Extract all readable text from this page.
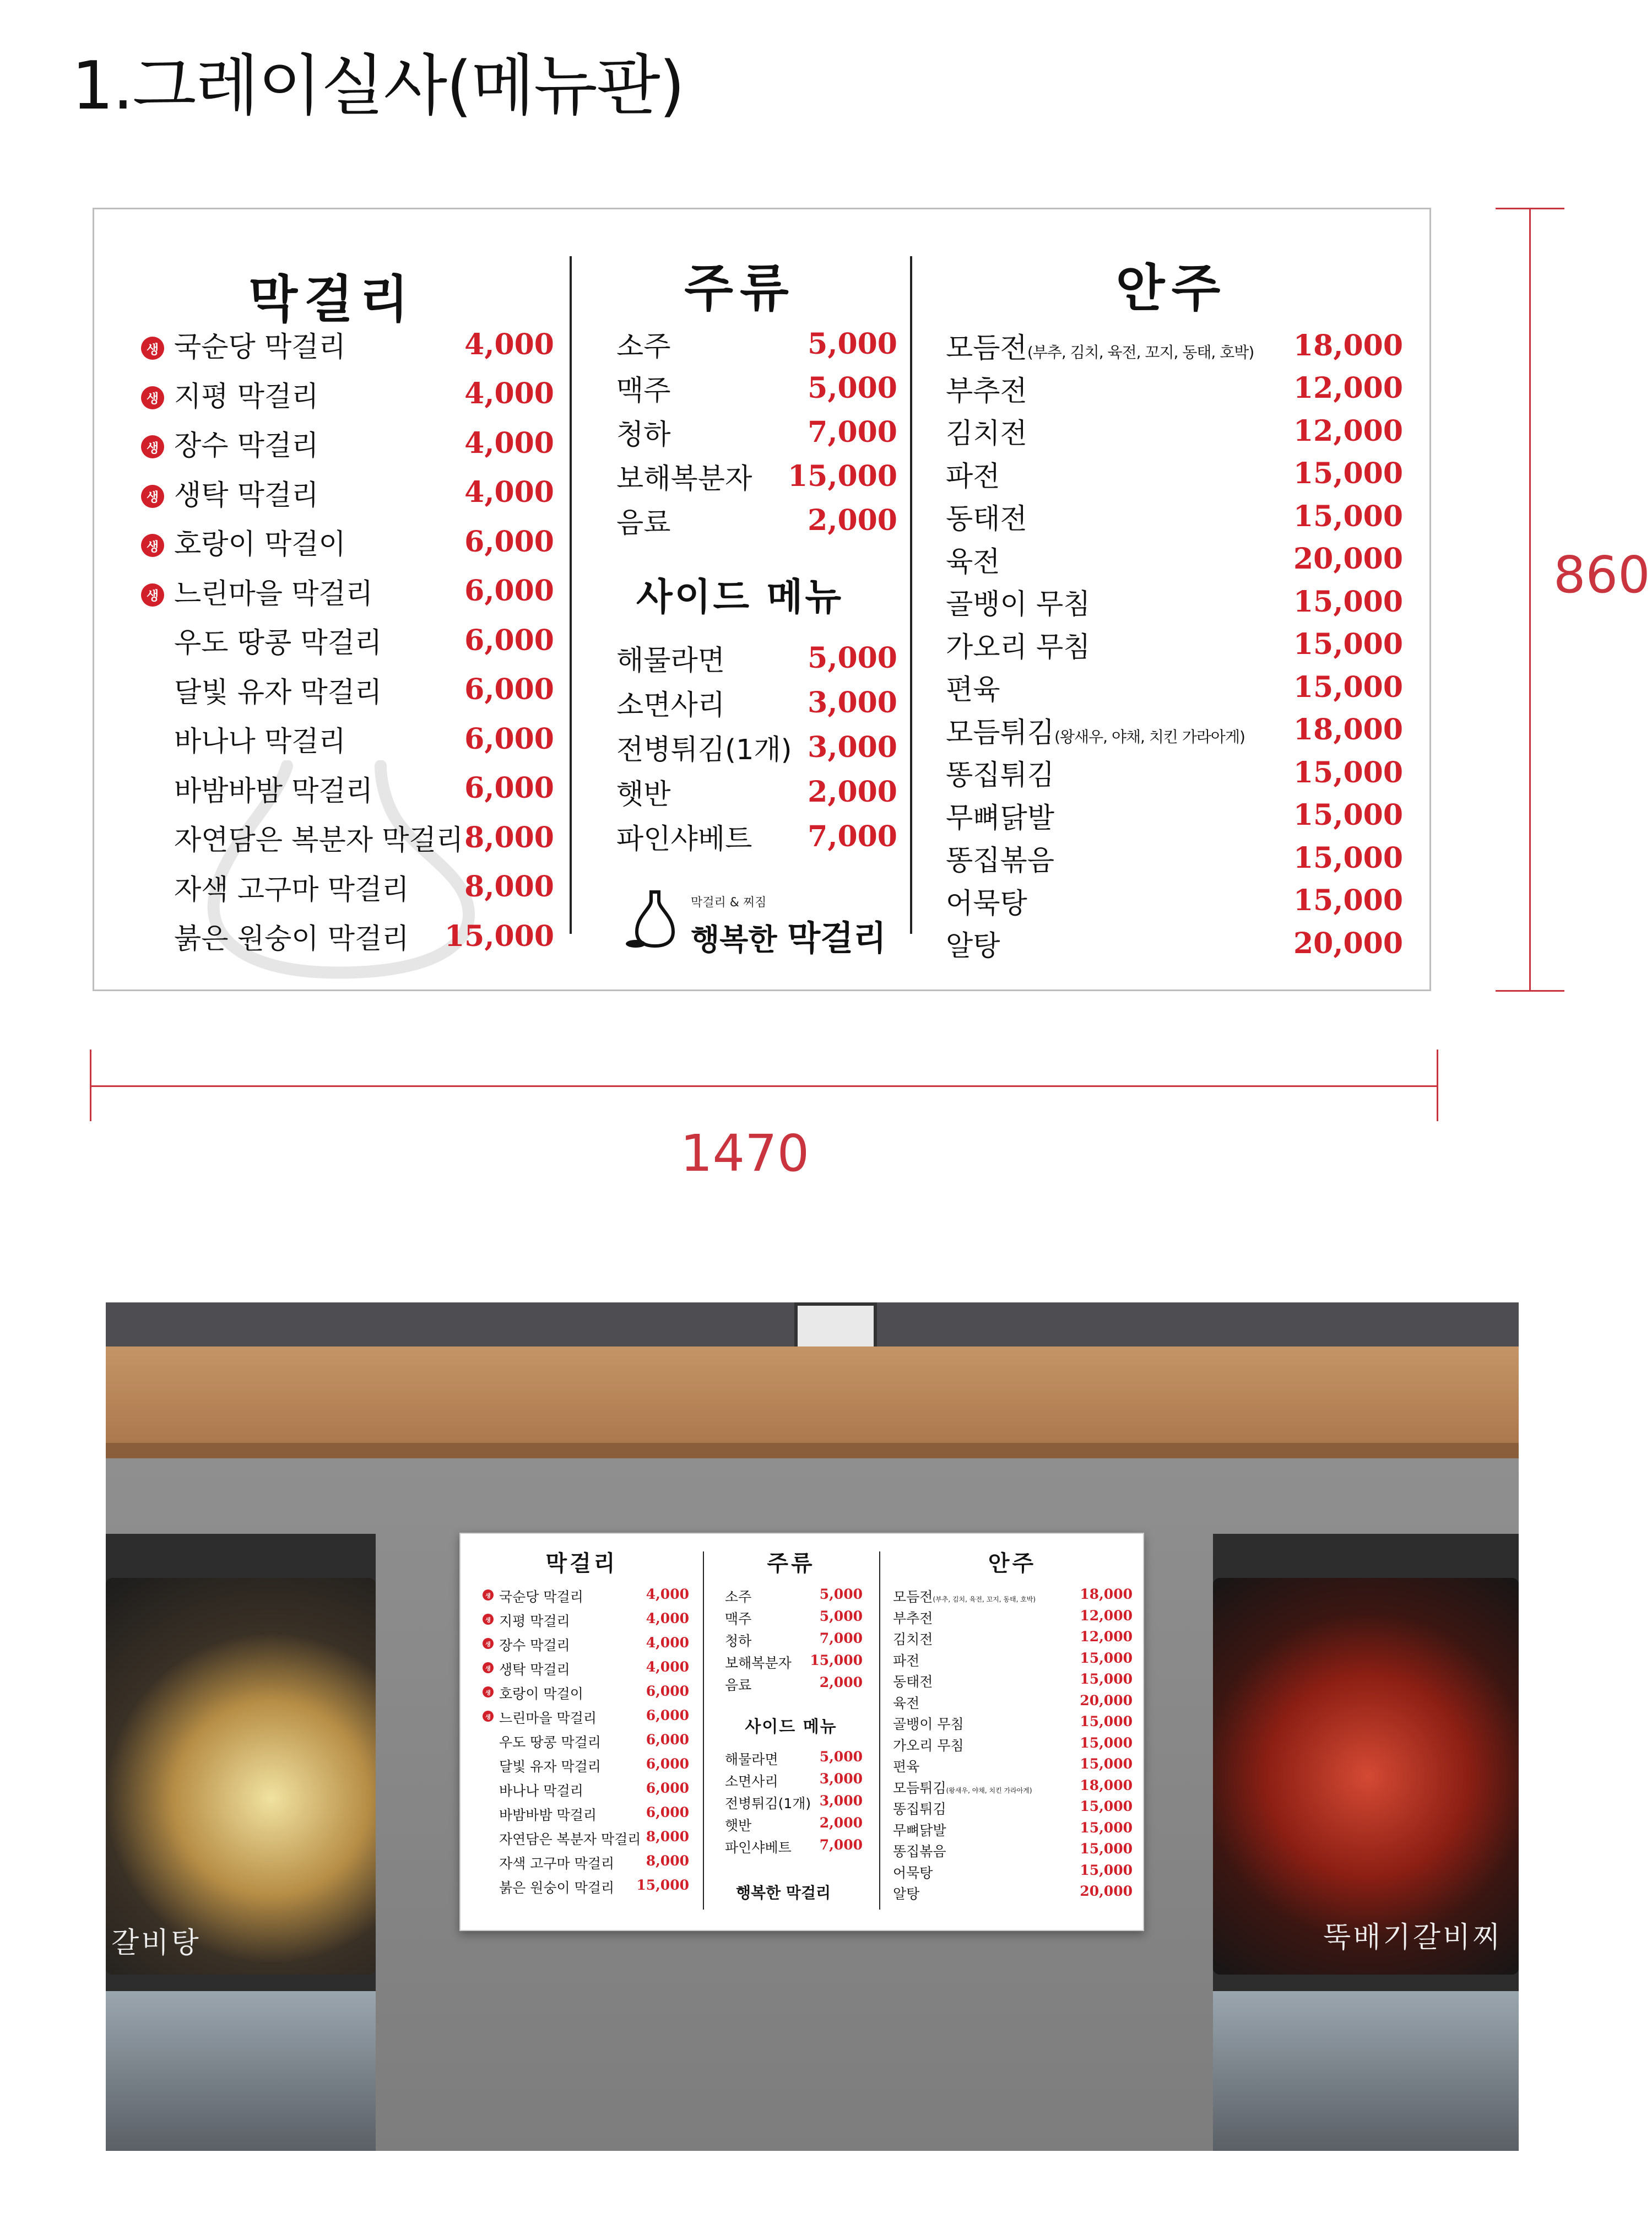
1.그레이실사(메뉴판)
막걸리
국순당 막걸리	4,000
생
지평 막걸리	4,000
생
장수 막걸리	4,000
생
생탁 막걸리	4,000
생
호랑이 막걸이	6,000
생
느린마을 막걸리	6,000
생
우도 땅콩 막걸리	6,000
달빛 유자 막걸리	6,000
바나나 막걸리	6,000
바밤바밤 막걸리	6,000
자연담은 복분자 막걸리 8,000
자색 고구마 막걸리	8,000
붉은 원숭이 막걸리	15,000
주류
소주	5,000
맥주	5,000
청하	7,000
보해복분자	15,000
음료	2,000
사이드 메뉴
해물라면	5,000
소면사리	3,000
전병튀김(1개) 3,000
햇반	2,000
파인샤베트	7,000
막걸리 & 찌짐
행복한 막걸리
안주
모듬전(부추, 김치, 육전, 꼬지, 동태, 호박)	18,000
부추전	12,000
김치전	12,000
파전	15,000
동태전	15,000
육전	20,000
골뱅이 무침	15,000
가오리 무침	15,000
편육	15,000
모듬튀김(왕새우, 야채, 치킨 가라아게)	18,000
똥집튀김	15,000
무뼈닭발	15,000
똥집볶음	15,000
어묵탕	15,000
알탕	20,000
860
1470
갈비탕	뚝배기갈비찌
막걸리
국순당 막걸리	4,000
생
지평 막걸리	4,000
생
장수 막걸리	4,000
생
생탁 막걸리	4,000
생
호랑이 막걸이	6,000
생
느린마을 막걸리	6,000
생
우도 땅콩 막걸리	6,000
달빛 유자 막걸리	6,000
바나나 막걸리	6,000
바밤바밤 막걸리	6,000
자연담은 복분자 막걸리 8,000
자색 고구마 막걸리	8,000
붉은 원숭이 막걸리	15,000
주류
소주	5,000
맥주	5,000
청하	7,000
보해복분자	15,000
음료	2,000
사이드 메뉴
해물라면	5,000
소면사리	3,000
전병튀김(1개) 3,000
햇반	2,000
파인샤베트	7,000
행복한 막걸리
안주
모듬전(부추, 김치, 육전, 꼬지, 동태, 호박)	18,000
부추전	12,000
김치전	12,000
파전	15,000
동태전	15,000
육전	20,000
골뱅이 무침	15,000
가오리 무침	15,000
편육	15,000
모듬튀김(왕새우, 야채, 치킨 가라아게)	18,000
똥집튀김	15,000
무뼈닭발	15,000
똥집볶음	15,000
어묵탕	15,000
알탕	20,000
